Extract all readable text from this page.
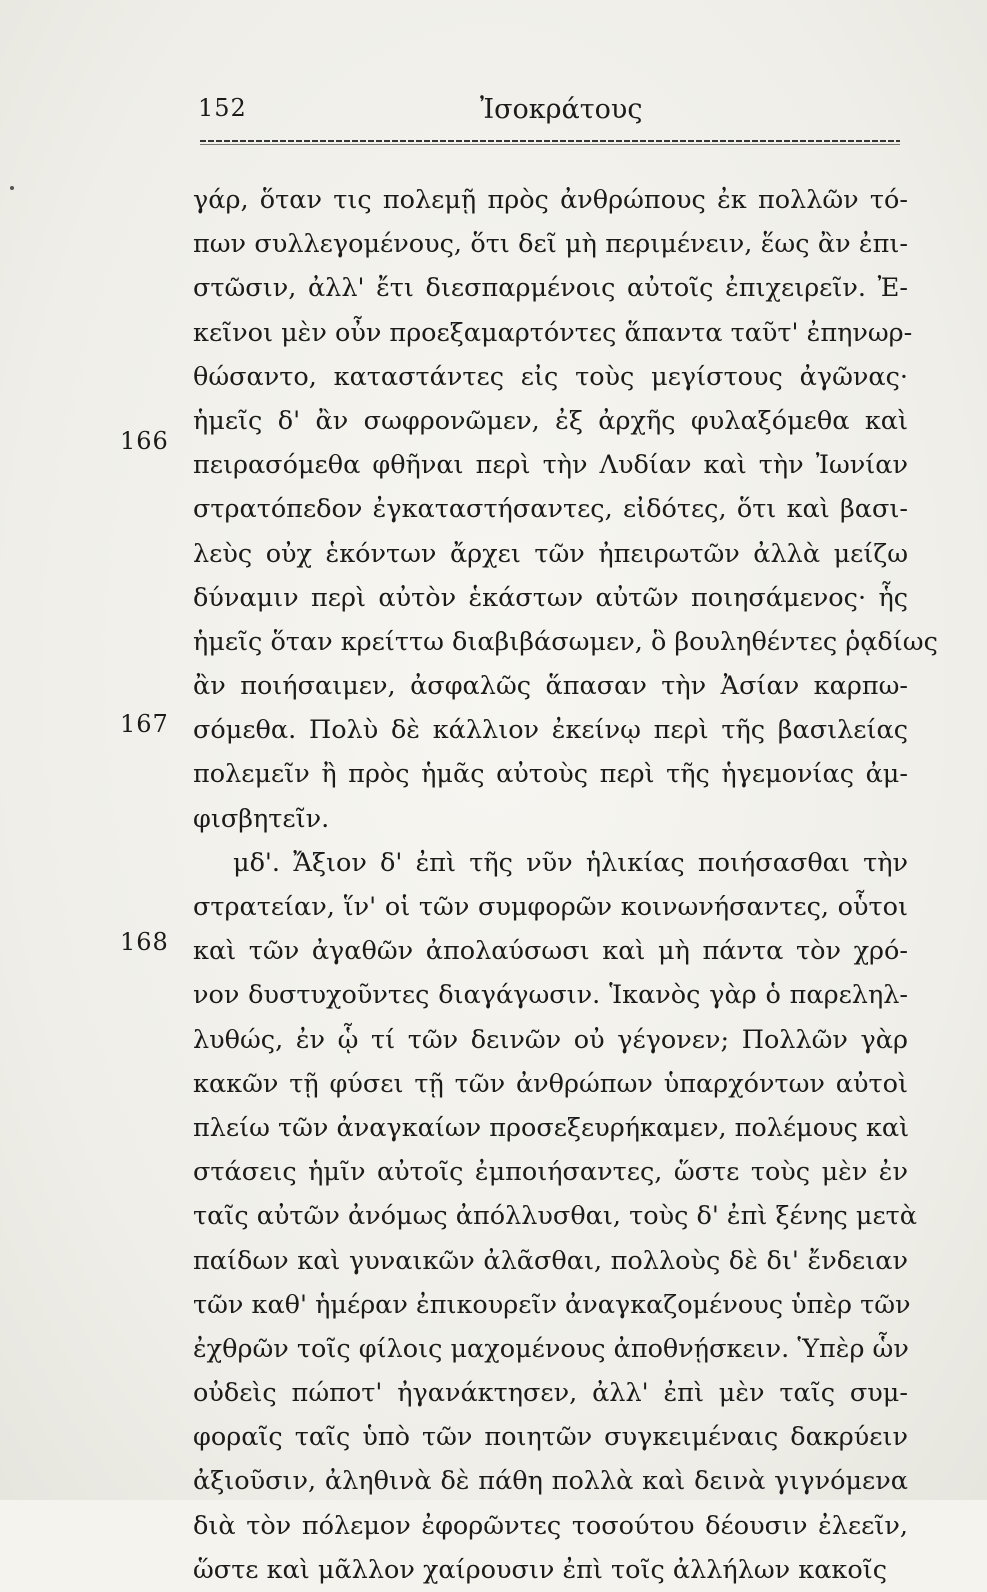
152	Ἰσοκράτους
166
167
168
γάρ, ὅταν τις πολεμῇ πρὸς ἀνθρώπους ἐκ πολλῶν τό-
πων συλλεγομένους, ὅτι δεῖ μὴ περιμένειν, ἕως ἂν ἐπι-
στῶσιν, ἀλλ' ἔτι διεσπαρμένοις αὐτοῖς ἐπιχειρεῖν. Ἐ-
κεῖνοι μὲν οὖν προεξαμαρτόντες ἅπαντα ταῦτ' ἐπηνωρ-
θώσαντο, καταστάντες εἰς τοὺς μεγίστους ἀγῶνας·
ἡμεῖς δ' ἂν σωφρονῶμεν, ἐξ ἀρχῆς φυλαξόμεθα καὶ
πειρασόμεθα φθῆναι περὶ τὴν Λυδίαν καὶ τὴν Ἰωνίαν
στρατόπεδον ἐγκαταστήσαντες, εἰδότες, ὅτι καὶ βασι-
λεὺς οὐχ ἑκόντων ἄρχει τῶν ἠπειρωτῶν ἀλλὰ μείζω
δύναμιν περὶ αὐτὸν ἑκάστων αὐτῶν ποιησάμενος· ἧς
ἡμεῖς ὅταν κρείττω διαβιβάσωμεν, ὃ βουληθέντες ῥᾳδίως
ἂν ποιήσαιμεν, ἀσφαλῶς ἅπασαν τὴν Ἀσίαν καρπω-
σόμεθα. Πολὺ δὲ κάλλιον ἐκείνῳ περὶ τῆς βασιλείας
πολεμεῖν ἢ πρὸς ἡμᾶς αὐτοὺς περὶ τῆς ἡγεμονίας ἀμ-
φισβητεῖν.
μδ'. Ἄξιον δ' ἐπὶ τῆς νῦν ἡλικίας ποιήσασθαι τὴν
στρατείαν, ἵν' οἱ τῶν συμφορῶν κοινωνήσαντες, οὗτοι
καὶ τῶν ἀγαθῶν ἀπολαύσωσι καὶ μὴ πάντα τὸν χρό-
νον δυστυχοῦντες διαγάγωσιν. Ἱκανὸς γὰρ ὁ παρεληλ-
λυθώς, ἐν ᾧ τί τῶν δεινῶν οὐ γέγονεν; Πολλῶν γὰρ
κακῶν τῇ φύσει τῇ τῶν ἀνθρώπων ὑπαρχόντων αὐτοὶ
πλείω τῶν ἀναγκαίων προσεξευρήκαμεν, πολέμους καὶ
στάσεις ἡμῖν αὐτοῖς ἐμποιήσαντες, ὥστε τοὺς μὲν ἐν
ταῖς αὐτῶν ἀνόμως ἀπόλλυσθαι, τοὺς δ' ἐπὶ ξένης μετὰ
παίδων καὶ γυναικῶν ἀλᾶσθαι, πολλοὺς δὲ δι' ἔνδειαν
τῶν καθ' ἡμέραν ἐπικουρεῖν ἀναγκαζομένους ὑπὲρ τῶν
ἐχθρῶν τοῖς φίλοις μαχομένους ἀποθνῄσκειν. Ὑπὲρ ὧν
οὐδεὶς πώποτ' ἠγανάκτησεν, ἀλλ' ἐπὶ μὲν ταῖς συμ-
φοραῖς ταῖς ὑπὸ τῶν ποιητῶν συγκειμέναις δακρύειν
ἀξιοῦσιν, ἀληθινὰ δὲ πάθη πολλὰ καὶ δεινὰ γιγνόμενα
διὰ τὸν πόλεμον ἐφορῶντες τοσούτου δέουσιν ἐλεεῖν,
ὥστε καὶ μᾶλλον χαίρουσιν ἐπὶ τοῖς ἀλλήλων κακοῖς
